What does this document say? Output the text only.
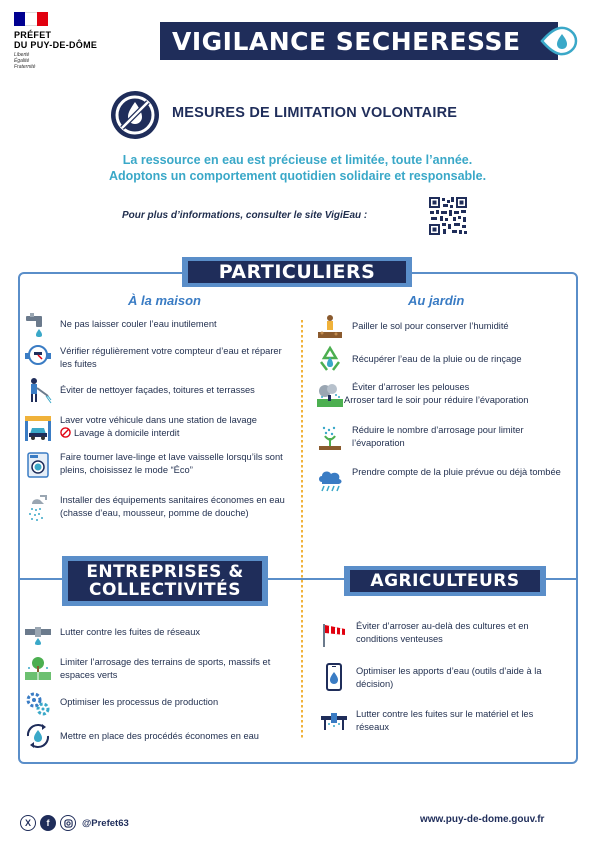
PRÉFET
DU PUY-DE-DÔME
Liberté
Égalité
Fraternité
VIGILANCE SECHERESSE
MESURES DE LIMITATION VOLONTAIRE
La ressource en eau est précieuse et limitée, toute l’année.
Adoptons un comportement quotidien solidaire et responsable.
Pour plus d’informations, consulter le site VigiEau :
PARTICULIERS
À la maison	Au jardin
Ne pas laisser couler l’eau inutilement
Vérifier régulièrement votre compteur d’eau et réparer les fuites
Éviter de nettoyer façades, toitures et terrasses
Laver votre véhicule dans une station de lavage
Lavage à domicile interdit
Faire tourner lave-linge et lave vaisselle lorsqu’ils sont pleins, choisissez le mode “Éco”
Installer des équipements sanitaires économes en eau (chasse d’eau, mousseur, pomme de douche)
Pailler le sol pour conserver l’humidité
Récupérer l’eau de la pluie ou de rinçage
Éviter d’arroser les pelouses
Arroser tard le soir pour réduire l’évaporation
Réduire le nombre d’arrosage pour limiter l’évaporation
Prendre compte de la pluie prévue ou déjà tombée
ENTREPRISES &
COLLECTIVITÉS	AGRICULTEURS
Lutter contre les fuites de réseaux
Limiter l’arrosage des terrains de sports, massifs et espaces verts
Optimiser les processus de production
Mettre en place des procédés économes en eau
Éviter d’arroser au-delà des cultures et en conditions venteuses
Optimiser les apports d’eau (outils d’aide à la décision)
Lutter contre les fuites sur le matériel et les réseaux
X	f	@Prefet63	www.puy-de-dome.gouv.fr
